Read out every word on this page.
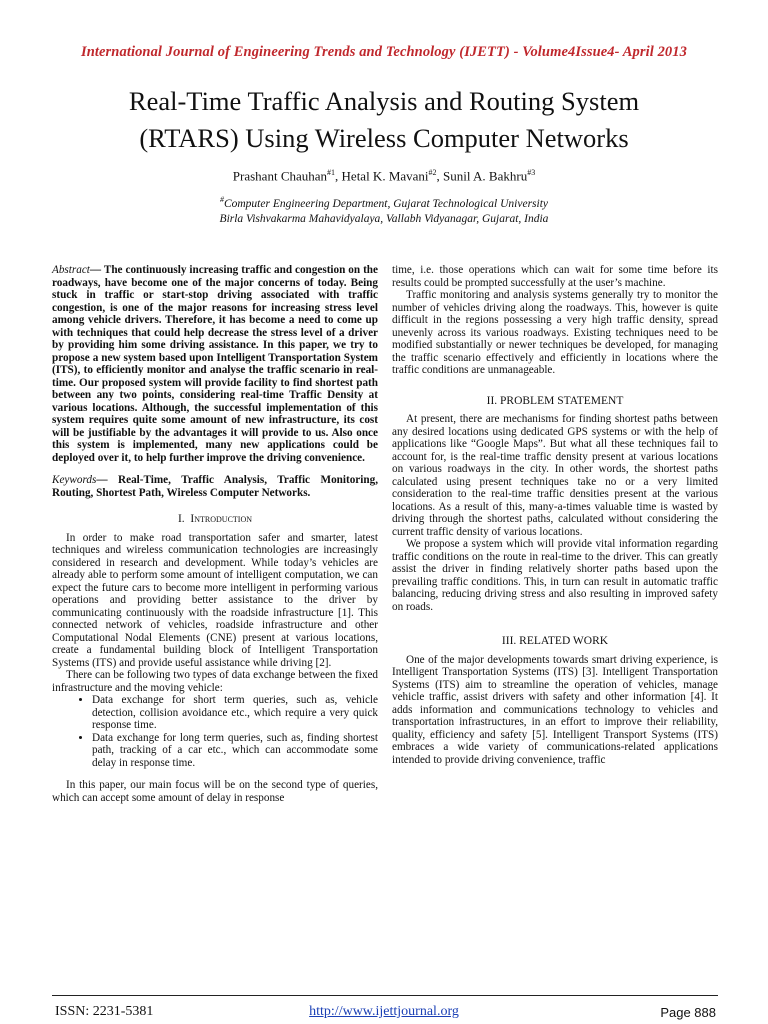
International Journal of Engineering Trends and Technology (IJETT) - Volume4Issue4- April 2013
Real-Time Traffic Analysis and Routing System
(RTARS) Using Wireless Computer Networks
Prashant Chauhan$^{\#1}$, Hetal K. Mavani$^{\#2}$, Sunil A. Bakhru$^{\#3}$
#Computer Engineering Department, Gujarat Technological University
Birla Vishvakarma Mahavidyalaya, Vallabh Vidyanagar, Gujarat, India

Abstract— The continuously increasing traffic and congestion on the roadways, have become one of the major concerns of today. Being stuck in traffic or start-stop driving associated with traffic congestion, is one of the major reasons for increasing stress level among vehicle drivers. Therefore, it has become a need to come up with techniques that could help decrease the stress level of a driver by providing him some driving assistance. In this paper, we try to propose a new system based upon Intelligent Transportation System (ITS), to efficiently monitor and analyse the traffic scenario in real-time. Our proposed system will provide facility to find shortest path between any two points, considering real-time Traffic Density at various locations. Although, the successful implementation of this system requires quite some amount of new infrastructure, its cost will be justifiable by the advantages it will provide to us. Also once this system is implemented, many new applications could be deployed over it, to help further improve the driving convenience.

Keywords— Real-Time, Traffic Analysis, Traffic Monitoring, Routing, Shortest Path, Wireless Computer Networks.

I. Introduction

In order to make road transportation safer and smarter, latest techniques and wireless communication technologies are increasingly considered in research and development. While today’s vehicles are already able to perform some amount of intelligent computation, we can expect the future cars to become more intelligent in performing various operations and providing better assistance to the driver by communicating continuously with the roadside infrastructure [1]. This connected network of vehicles, roadside infrastructure and other Computational Nodal Elements (CNE) present at various locations, create a fundamental building block of Intelligent Transportation Systems (ITS) and provide useful assistance while driving [2].

There can be following two types of data exchange between the fixed infrastructure and the moving vehicle:

• Data exchange for short term queries, such as, vehicle detection, collision avoidance etc., which require a very quick response time.
• Data exchange for long term queries, such as, finding shortest path, tracking of a car etc., which can accommodate some delay in response time.

In this paper, our main focus will be on the second type of queries, which can accept some amount of delay in response

time, i.e. those operations which can wait for some time before its results could be prompted successfully at the user’s machine.

Traffic monitoring and analysis systems generally try to monitor the number of vehicles driving along the roadways. This, however is quite difficult in the regions possessing a very high traffic density, spread unevenly across its various roadways. Existing techniques need to be modified substantially or newer techniques be developed, for managing the traffic scenario effectively and efficiently in locations where the traffic conditions are unmanageable.

II. PROBLEM STATEMENT

At present, there are mechanisms for finding shortest paths between any desired locations using dedicated GPS systems or with the help of applications like “Google Maps”. But what all these techniques fail to account for, is the real-time traffic density present at various locations on various roadways in the city. In other words, the shortest paths calculated using present techniques take no or a very limited consideration to the real-time traffic densities present at the various locations. As a result of this, many-a-times valuable time is wasted by driving through the shortest paths, calculated without considering the current traffic density of various locations.

We propose a system which will provide vital information regarding traffic conditions on the route in real-time to the driver. This can greatly assist the driver in finding relatively shorter paths based upon the prevailing traffic conditions. This, in turn can result in automatic traffic balancing, reducing driving stress and also resulting in improved safety on roads.

III. RELATED WORK

One of the major developments towards smart driving experience, is Intelligent Transportation Systems (ITS) [3]. Intelligent Transportation Systems (ITS) aim to streamline the operation of vehicles, manage vehicle traffic, assist drivers with safety and other information [4]. It adds information and communications technology to vehicles and transportation infrastructures, in an effort to improve their reliability, quality, efficiency and safety [5]. Intelligent Transport Systems (ITS) embraces a wide variety of communications-related applications intended to provide driving convenience, traffic

ISSN: 2231-5381	http://www.ijettjournal.org	Page 888
